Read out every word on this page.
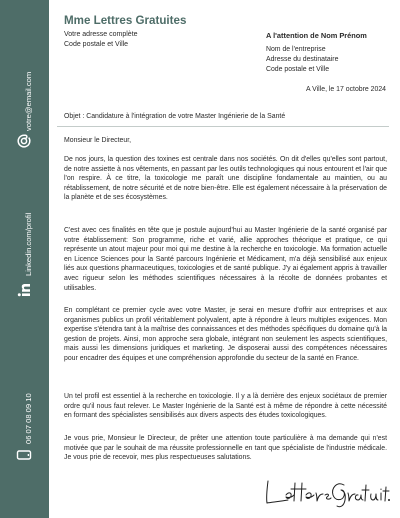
votre@email.com
Linkedin.com/profil
06 07 08 09 10
Mme Lettres Gratuites
Votre adresse complète
Code postale et Ville
A l'attention de Nom Prénom
Nom de l'entreprise
Adresse du destinataire
Code postale et Ville
A Ville, le 17 octobre 2024
Objet : Candidature à l'intégration de votre Master Ingénierie de la Santé
Monsieur le Directeur,

De nos jours, la question des toxines est centrale dans nos sociétés. On dit d'elles qu'elles sont partout, de notre assiette à nos vêtements, en passant par les outils technologiques qui nous entourent et l'air que l'on respire. À ce titre, la toxicologie me paraît une discipline fondamentale au maintien, ou au rétablissement, de notre sécurité et de notre bien-être. Elle est également nécessaire à la préservation de la planète et de ses écosystèmes.

C'est avec ces finalités en tête que je postule aujourd'hui au Master Ingénierie de la santé organisé par votre établissement: Son programme, riche et varié, allie approches théorique et pratique, ce qui représente un atout majeur pour moi qui me destine à la recherche en toxicologie. Ma formation actuelle en Licence Sciences pour la Santé parcours Ingénierie et Médicament, m'a déjà sensibilisé aux enjeux liés aux questions pharmaceutiques, toxicologies et de santé publique. J'y ai également appris à travailler avec rigueur selon les méthodes scientifiques nécessaires à la récolte de données probantes et utilisables.

En complétant ce premier cycle avec votre Master, je serai en mesure d'offrir aux entreprises et aux organismes publics un profil véritablement polyvalent, apte à répondre à leurs multiples exigences. Mon expertise s'étendra tant à la maîtrise des connaissances et des méthodes spécifiques du domaine qu'à la gestion de projets. Ainsi, mon approche sera globale, intégrant non seulement les aspects scientifiques, mais aussi les dimensions juridiques et marketing. Je disposerai aussi des compétences nécessaires pour encadrer des équipes et une compréhension approfondie du secteur de la santé en France.

Un tel profil est essentiel à la recherche en toxicologie. Il y a là derrière des enjeux sociétaux de premier ordre qu'il nous faut relever. Le Master Ingénierie de la Santé est à même de répondre à cette nécessité en formant des spécialistes sensibilisés aux divers aspects des études toxicologiques.

Je vous prie, Monsieur le Directeur, de prêter une attention toute particulière à ma demande qui n'est motivée que par le souhait de ma réussite professionnelle en tant que spécialiste de l'industrie médicale. Je vous prie de recevoir, mes plus respectueuses salutations.
